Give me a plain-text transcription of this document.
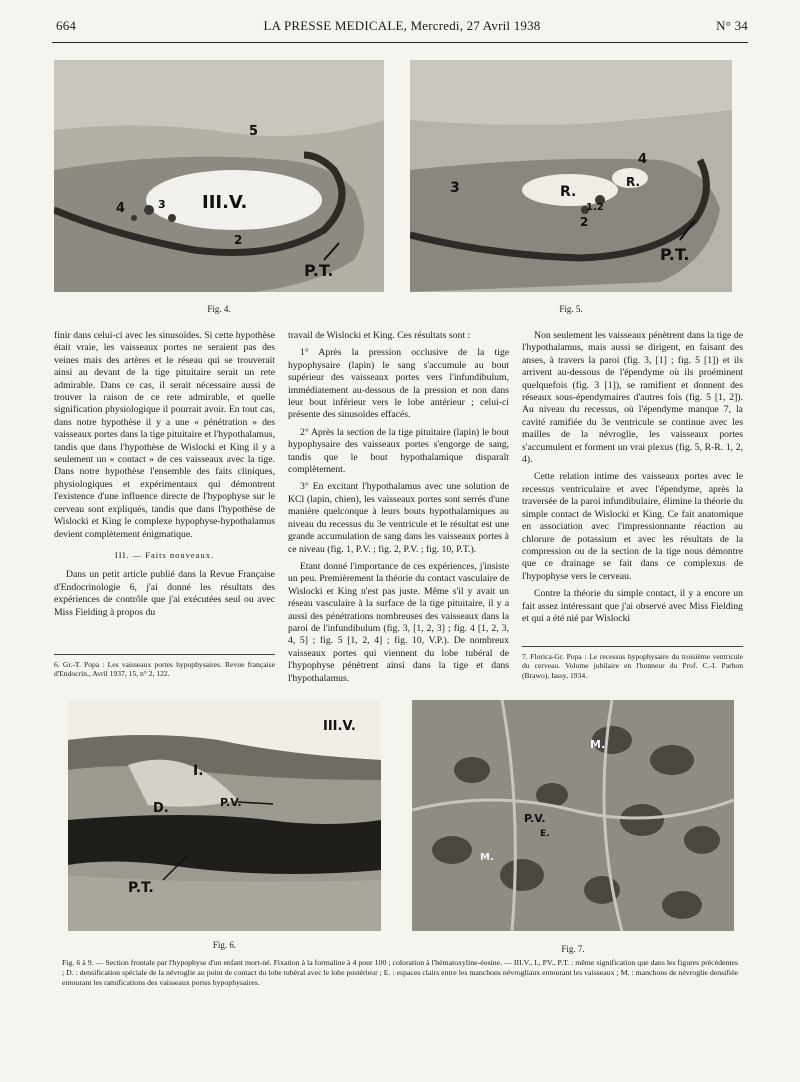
664	LA PRESSE MEDICALE, Mercredi, 27 Avril 1938	N° 34
III.V.
5
4	3
2
P.T.
Fig. 4.
3
4
R.
R.
1.2
2
P.T.
Fig. 5.

finir dans celui-ci avec les sinusoïdes. Si cette hypothèse était vraie, les vaisseaux portes ne seraient pas des veines mais des artères et le réseau qui se trouverait ainsi au devant de la tige pituitaire serait un rete admirable. Dans ce cas, il serait nécessaire aussi de trouver la raison de ce rete admirable, et quelle signification physiologique il pourrait avoir. En tout cas, dans notre hypothèse il y a une « pénétration » des vaisseaux portes dans la tige pituitaire et l'hypothalamus, tandis que dans l'hypothèse de Wislocki et King il y a seulement un « contact » de ces vaisseaux avec la tige. Dans notre hypothèse l'ensemble des faits cliniques, physiologiques et expérimentaux qui démontrent l'existence d'une influence directe de l'hypophyse sur le cerveau sont expliqués, tandis que dans l'hypothèse de Wislocki et King le complexe hypophyse-hypothalamus devient complètement énigmatique.

III. — Faits nouveaux.

Dans un petit article publié dans la Revue Française d'Endocrinologie 6, j'ai donné les résultats des expériences de contrôle que j'ai exécutées seul ou avec Miss Fielding à propos du

6. Gr.-T. Popa : Les vaisseaux portes hypophysaires. Revue française d'Endocrin., Avril 1937, 15, n° 2, 122.

travail de Wislocki et King. Ces résultats sont :

1° Après la pression occlusive de la tige hypophysaire (lapin) le sang s'accumule au bout supérieur des vaisseaux portes vers l'infundibulum, immédiatement au-dessous de la pression et non dans leur bout inférieur vers le lobe antérieur ; celui-ci présente des sinusoïdes effacés.

2° Après la section de la tige pituitaire (lapin) le bout hypophysaire des vaisseaux portes s'engorge de sang, tandis que le bout hypothalamique disparaît complètement.

3° En excitant l'hypothalamus avec une solution de KCl (lapin, chien), les vaisseaux portes sont serrés d'une manière quelconque à leurs bouts hypothalamiques au niveau du recessus du 3e ventricule et le résultat est une grande accumulation de sang dans les vaisseaux portes à ce niveau (fig. 1, P.V. ; fig. 2, P.V. ; fig. 10, P.T.).

Etant donné l'importance de ces expériences, j'insiste un peu. Premièrement la théorie du contact vasculaire de Wislocki et King n'est pas juste. Même s'il y avait un réseau vasculaire à la surface de la tige pituitaire, il y a aussi des pénétrations nombreuses des vaisseaux dans la paroi de l'infundibulum (fig. 3, [1, 2, 3] ; fig. 4 [1, 2, 3, 4, 5] ; fig. 5 [1, 2, 4] ; fig. 10, V.P.). De nombreux vaisseaux portes qui viennent du lobe tubéral de l'hypophyse pénètrent ainsi dans la tige et dans l'hypothalamus.

Non seulement les vaisseaux pénètrent dans la tige de l'hypothalamus, mais aussi se dirigent, en faisant des anses, à travers la paroi (fig. 3, [1] ; fig. 5 [1]) et ils arrivent au-dessous de l'épendyme où ils proéminent quelquefois (fig. 3 [1]), se ramifient et donnent des réseaux sous-épendymaires d'autres fois (fig. 5 [1, 2]). Au niveau du recessus, où l'épendyme manque 7, la cavité ramifiée du 3e ventricule se continue avec les mailles de la névroglie, les vaisseaux portes s'accumulent et forment un vrai plexus (fig. 5, R-R. 1, 2, 4).

Cette relation intime des vaisseaux portes avec le recessus ventriculaire et avec l'épendyme, après la traversée de la paroi infundibulaire, élimine la théorie du simple contact de Wislocki et King. Ce fait anatomique en association avec l'impressionnante réaction au chlorure de potassium et avec les résultats de la compression ou de la section de la tige nous démontre que ce drainage se fait dans ce complexus de l'hypophyse vers le cerveau.

Contre la théorie du simple contact, il y a encore un fait assez intéressant que j'ai observé avec Miss Fielding et qui a été nié par Wislocki

7. Florica-Gr. Popa : Le recessus hypophysaire du troisième ventricule du cerveau. Volume jubilaire en l'honneur du Prof. C.-I. Parhon (Brawo), Iassy, 1934.
III.V.
I.
D.	P.V.
P.T.
Fig. 6.
M.
P.V.
E.
M.
Fig. 7.
Fig. 6 à 9. — Section frontale par l'hypophyse d'un enfant mort-né. Fixation à la formaline à 4 pour 100 ; coloration à l'hématoxyline-éosine. — III.V., I., PV., P.T. : même signification que dans les figures précédentes ; D. : densification spéciale de la névroglie au point de contact du lobe tubéral avec le lobe postérieur ; E. : espaces clairs entre les manchons névrogliaux entourant les vaisseaux ; M. : manchons de névroglie densifiée entourant les ramifications des vaisseaux portes hypophysaires.
